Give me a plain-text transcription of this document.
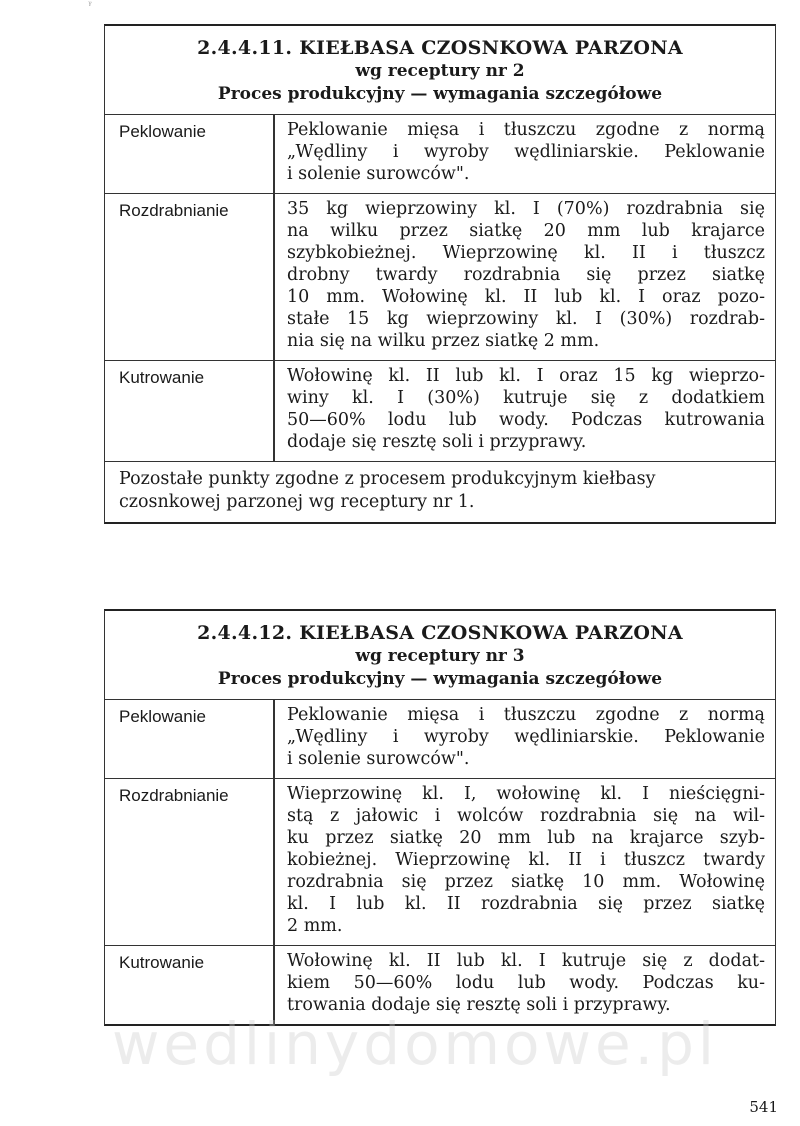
ᵞ
2.4.4.11. KIEŁBASA CZOSNKOWA PARZONA
wg receptury nr 2
Proces produkcyjny — wymagania szczegółowe
Peklowanie	Peklowanie mięsa i tłuszczu zgodne z normą
„Wędliny i wyroby wędliniarskie. Peklowanie
i solenie surowców".
Rozdrabnianie	35 kg wieprzowiny kl. I (70%) rozdrabnia się
na wilku przez siatkę 20 mm lub krajarce
szybkobieżnej. Wieprzowinę kl. II i tłuszcz
drobny twardy rozdrabnia się przez siatkę
10 mm. Wołowinę kl. II lub kl. I oraz pozo-
stałe 15 kg wieprzowiny kl. I (30%) rozdrab-
nia się na wilku przez siatkę 2 mm.
Kutrowanie	Wołowinę kl. II lub kl. I oraz 15 kg wieprzo-
winy kl. I (30%) kutruje się z dodatkiem
50—60% lodu lub wody. Podczas kutrowania
dodaje się resztę soli i przyprawy.
Pozostałe punkty zgodne z procesem produkcyjnym kiełbasy
czosnkowej parzonej wg receptury nr 1.
2.4.4.12. KIEŁBASA CZOSNKOWA PARZONA
wg receptury nr 3
Proces produkcyjny — wymagania szczegółowe
Peklowanie	Peklowanie mięsa i tłuszczu zgodne z normą
„Wędliny i wyroby wędliniarskie. Peklowanie
i solenie surowców".
Rozdrabnianie	Wieprzowinę kl. I, wołowinę kl. I nieścięgni-
stą z jałowic i wolców rozdrabnia się na wil-
ku przez siatkę 20 mm lub na krajarce szyb-
kobieżnej. Wieprzowinę kl. II i tłuszcz twardy
rozdrabnia się przez siatkę 10 mm. Wołowinę
kl. I lub kl. II rozdrabnia się przez siatkę
2 mm.
Kutrowanie	Wołowinę kl. II lub kl. I kutruje się z dodat-
kiem 50—60% lodu lub wody. Podczas ku-
trowania dodaje się resztę soli i przyprawy.
wedlinydomowe.pl
541
